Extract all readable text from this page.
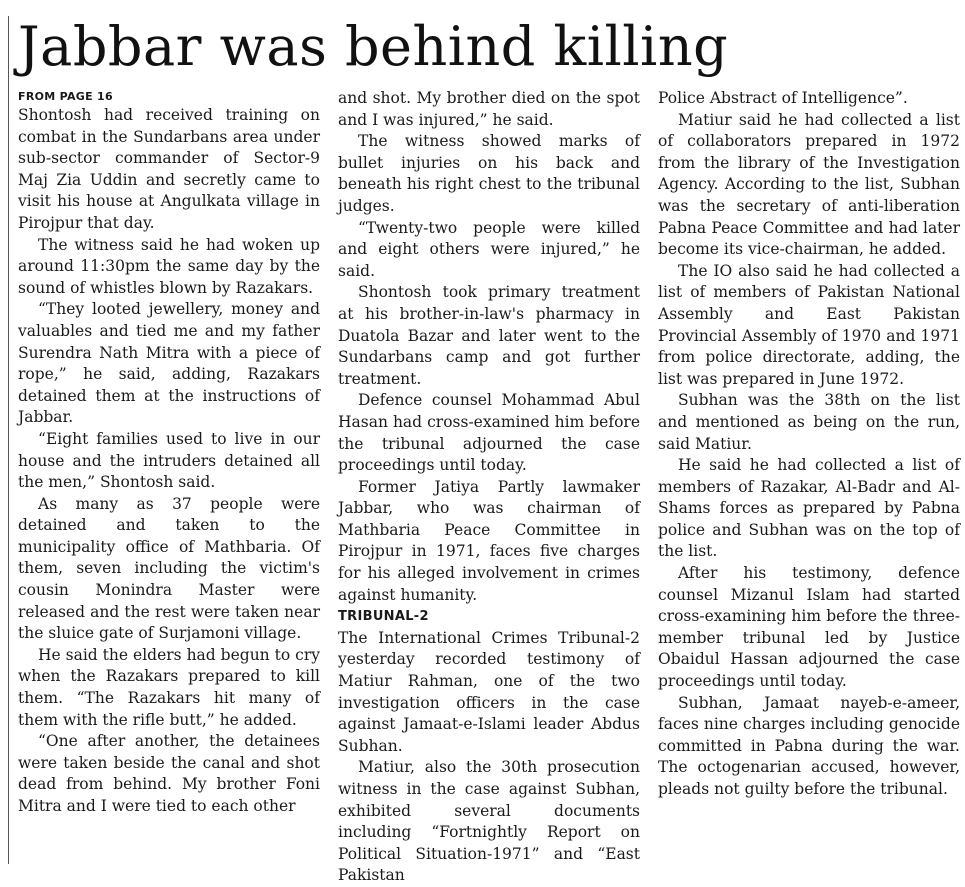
Jabbar was behind killing
FROM PAGE 16

Shontosh had received training on combat in the Sundarbans area under sub-sector commander of Sector-9 Maj Zia Uddin and secretly came to visit his house at Angulkata village in Pirojpur that day.

The witness said he had woken up around 11:30pm the same day by the sound of whistles blown by Razakars.

“They looted jewellery, money and valuables and tied me and my father Surendra Nath Mitra with a piece of rope,” he said, adding, Razakars detained them at the instructions of Jabbar.

“Eight families used to live in our house and the intruders detained all the men,” Shontosh said.

As many as 37 people were detained and taken to the municipality office of Mathbaria. Of them, seven including the victim's cousin Monindra Master were released and the rest were taken near the sluice gate of Surjamoni village.

He said the elders had begun to cry when the Razakars prepared to kill them. “The Razakars hit many of them with the rifle butt,” he added.

“One after another, the detainees were taken beside the canal and shot dead from behind. My brother Foni Mitra and I were tied to each other

and shot. My brother died on the spot and I was injured,” he said.

The witness showed marks of bullet injuries on his back and beneath his right chest to the tribunal judges.

“Twenty-two people were killed and eight others were injured,” he said.

Shontosh took primary treatment at his brother-in-law's pharmacy in Duatola Bazar and later went to the Sundarbans camp and got further treatment.

Defence counsel Mohammad Abul Hasan had cross-examined him before the tribunal adjourned the case proceedings until today.

Former Jatiya Partly lawmaker Jabbar, who was chairman of Mathbaria Peace Committee in Pirojpur in 1971, faces five charges for his alleged involvement in crimes against humanity.

TRIBUNAL-2

The International Crimes Tribunal-2 yesterday recorded testimony of Matiur Rahman, one of the two investigation officers in the case against Jamaat-e-Islami leader Abdus Subhan.

Matiur, also the 30th prosecution witness in the case against Subhan, exhibited several documents including “Fortnightly Report on Political Situation-1971” and “East Pakistan

Police Abstract of Intelligence”.

Matiur said he had collected a list of collaborators prepared in 1972 from the library of the Investigation Agency. According to the list, Subhan was the secretary of anti-liberation Pabna Peace Committee and had later become its vice-chairman, he added.

The IO also said he had collected a list of members of Pakistan National Assembly and East Pakistan Provincial Assembly of 1970 and 1971 from police directorate, adding, the list was prepared in June 1972.

Subhan was the 38th on the list and mentioned as being on the run, said Matiur.

He said he had collected a list of members of Razakar, Al-Badr and Al-Shams forces as prepared by Pabna police and Subhan was on the top of the list.

After his testimony, defence counsel Mizanul Islam had started cross-examining him before the three-member tribunal led by Justice Obaidul Hassan adjourned the case proceedings until today.

Subhan, Jamaat nayeb-e-ameer, faces nine charges including genocide committed in Pabna during the war. The octogenarian accused, however, pleads not guilty before the tribunal.
